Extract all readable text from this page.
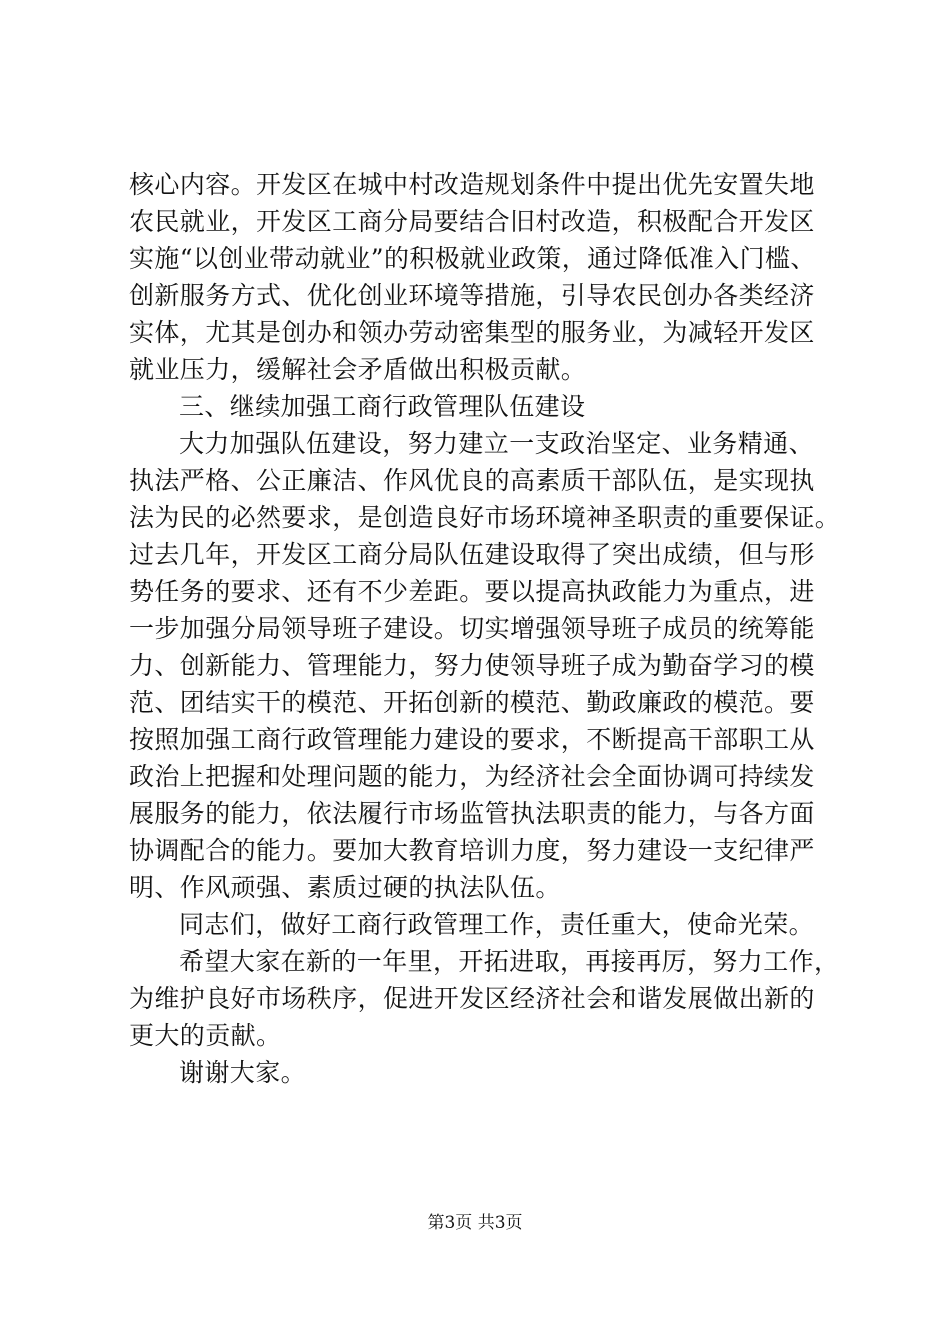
核心内容。开发区在城中村改造规划条件中提出优先安置失地
农民就业，开发区工商分局要结合旧村改造，积极配合开发区
实施“以创业带动就业”的积极就业政策，通过降低准入门槛、
创新服务方式、优化创业环境等措施，引导农民创办各类经济
实体，尤其是创办和领办劳动密集型的服务业，为减轻开发区
就业压力，缓解社会矛盾做出积极贡献。
三、继续加强工商行政管理队伍建设
大力加强队伍建设，努力建立一支政治坚定、业务精通、
执法严格、公正廉洁、作风优良的高素质干部队伍，是实现执
法为民的必然要求，是创造良好市场环境神圣职责的重要保证。
过去几年，开发区工商分局队伍建设取得了突出成绩，但与形
势任务的要求、还有不少差距。要以提高执政能力为重点，进
一步加强分局领导班子建设。切实增强领导班子成员的统筹能
力、创新能力、管理能力，努力使领导班子成为勤奋学习的模
范、团结实干的模范、开拓创新的模范、勤政廉政的模范。要
按照加强工商行政管理能力建设的要求，不断提高干部职工从
政治上把握和处理问题的能力，为经济社会全面协调可持续发
展服务的能力，依法履行市场监管执法职责的能力，与各方面
协调配合的能力。要加大教育培训力度，努力建设一支纪律严
明、作风顽强、素质过硬的执法队伍。
同志们，做好工商行政管理工作，责任重大，使命光荣。
希望大家在新的一年里，开拓进取，再接再厉，努力工作，
为维护良好市场秩序，促进开发区经济社会和谐发展做出新的
更大的贡献。
谢谢大家。
第3页 共3页
